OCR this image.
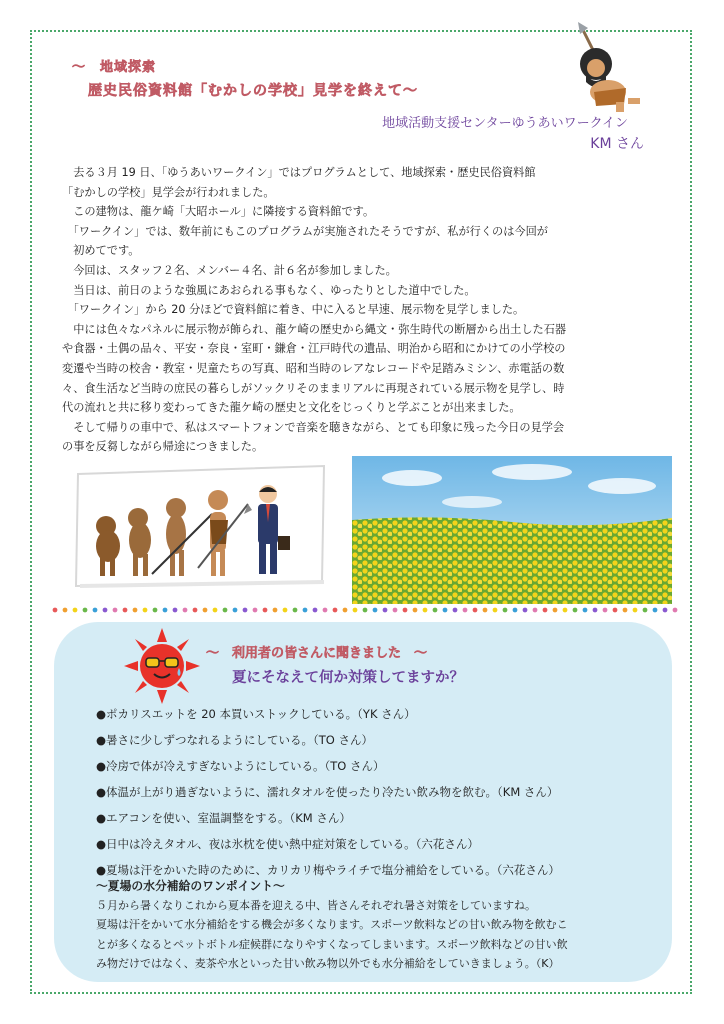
～　地域探索
歴史民俗資料館「むかしの学校」見学を終えて～
地域活動支援センターゆうあいワークイン
KM さん

　去る３月 19 日、「ゆうあいワークイン」ではプログラムとして、地域探索・歴史民俗資料館

「むかしの学校」見学会が行われました。

　この建物は、龍ケ崎「大昭ホール」に隣接する資料館です。

　「ワークイン」では、数年前にもこのプログラムが実施されたそうですが、私が行くのは今回が

　初めてです。

　今回は、スタッフ２名、メンバー４名、計６名が参加しました。

　当日は、前日のような強風にあおられる事もなく、ゆったりとした道中でした。

　「ワークイン」から 20 分ほどで資料館に着き、中に入ると早速、展示物を見学しました。

　中には色々なパネルに展示物が飾られ、龍ケ崎の歴史から縄文・弥生時代の断層から出土した石器

や食器・土偶の品々、平安・奈良・室町・鎌倉・江戸時代の遺品、明治から昭和にかけての小学校の

変遷や当時の校舎・教室・児童たちの写真、昭和当時のレアなレコードや足踏みミシン、赤電話の数

々、食生活など当時の庶民の暮らしがソックリそのままリアルに再現されている展示物を見学し、時

代の流れと共に移り変わってきた龍ケ崎の歴史と文化をじっくりと学ぶことが出来ました。

　そして帰りの車中で、私はスマートフォンで音楽を聴きながら、とても印象に残った今日の見学会

の事を反芻しながら帰途につきました。

～　利用者の皆さんに聞きました　～
夏にそなえて何か対策してますか？
●ポカリスエットを 20 本買いストックしている。（YK さん）
●暑さに少しずつなれるようにしている。（TO さん）
●冷房で体が冷えすぎないようにしている。（TO さん）
●体温が上がり過ぎないように、濡れタオルを使ったり冷たい飲み物を飲む。（KM さん）
●エアコンを使い、室温調整をする。（KM さん）
●日中は冷えタオル、夜は氷枕を使い熱中症対策をしている。（六花さん）
●夏場は汗をかいた時のために、カリカリ梅やライチで塩分補給をしている。（六花さん）
～夏場の水分補給のワンポイント～

５月から暑くなりこれから夏本番を迎える中、皆さんそれぞれ暑さ対策をしていますね。

夏場は汗をかいて水分補給をする機会が多くなります。スポーツ飲料などの甘い飲み物を飲むこ

とが多くなるとペットボトル症候群になりやすくなってしまいます。スポーツ飲料などの甘い飲

み物だけではなく、麦茶や水といった甘い飲み物以外でも水分補給をしていきましょう。（K）
